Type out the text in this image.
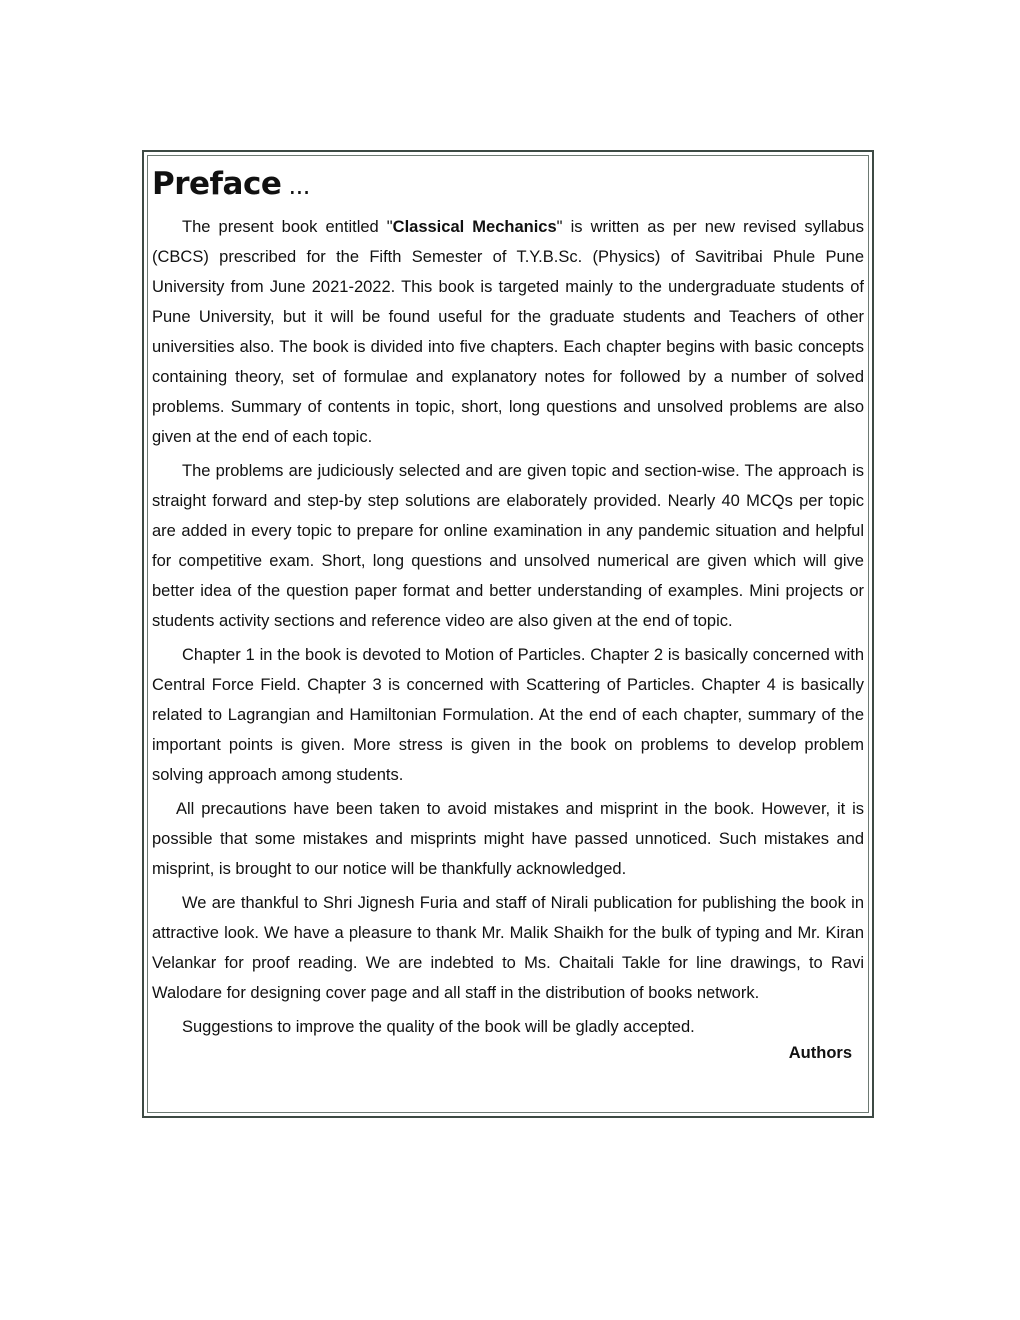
Preface ...

The present book entitled "Classical Mechanics" is written as per new revised syllabus (CBCS) prescribed for the Fifth Semester of T.Y.B.Sc. (Physics) of Savitribai Phule Pune University from June 2021-2022. This book is targeted mainly to the undergraduate students of Pune University, but it will be found useful for the graduate students and Teachers of other universities also. The book is divided into five chapters. Each chapter begins with basic concepts containing theory, set of formulae and explanatory notes for followed by a number of solved problems. Summary of contents in topic, short, long questions and unsolved problems are also given at the end of each topic.

The problems are judiciously selected and are given topic and section-wise. The approach is straight forward and step-by step solutions are elaborately provided. Nearly 40 MCQs per topic are added in every topic to prepare for online examination in any pandemic situation and helpful for competitive exam. Short, long questions and unsolved numerical are given which will give better idea of the question paper format and better understanding of examples. Mini projects or students activity sections and reference video are also given at the end of topic.

Chapter 1 in the book is devoted to Motion of Particles. Chapter 2 is basically concerned with Central Force Field. Chapter 3 is concerned with Scattering of Particles. Chapter 4 is basically related to Lagrangian and Hamiltonian Formulation. At the end of each chapter, summary of the important points is given. More stress is given in the book on problems to develop problem solving approach among students.

All precautions have been taken to avoid mistakes and misprint in the book. However, it is possible that some mistakes and misprints might have passed unnoticed. Such mistakes and misprint, is brought to our notice will be thankfully acknowledged.

We are thankful to Shri Jignesh Furia and staff of Nirali publication for publishing the book in attractive look. We have a pleasure to thank Mr. Malik Shaikh for the bulk of typing and Mr. Kiran Velankar for proof reading. We are indebted to Ms. Chaitali Takle for line drawings, to Ravi Walodare for designing cover page and all staff in the distribution of books network.

Suggestions to improve the quality of the book will be gladly accepted.

Authors
